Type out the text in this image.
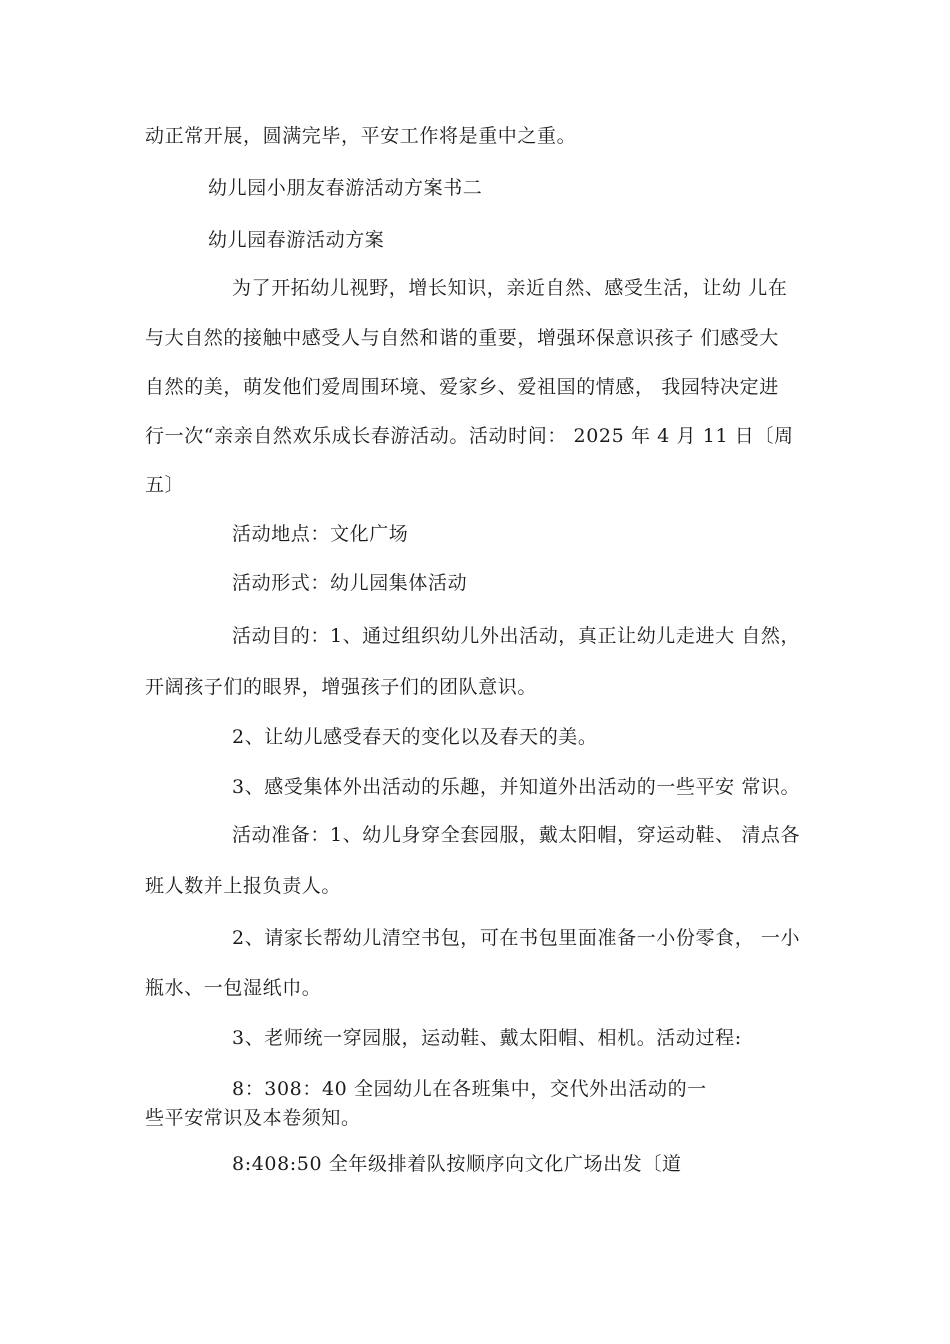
动正常开展，圆满完毕，平安工作将是重中之重。
幼儿园小朋友春游活动方案书二
幼儿园春游活动方案
为了开拓幼儿视野，增长知识，亲近自然、感受生活，让幼 儿在
与大自然的接触中感受人与自然和谐的重要，增强环保意识孩子 们感受大
自然的美，萌发他们爱周围环境、爱家乡、爱祖国的情感， 我园特决定进
行一次“亲亲自然欢乐成长春游活动。活动时间： 2025 年 4 月 11 日〔周
五〕
活动地点：文化广场
活动形式：幼儿园集体活动
活动目的：1、通过组织幼儿外出活动，真正让幼儿走进大 自然，
开阔孩子们的眼界，增强孩子们的团队意识。
2、让幼儿感受春天的变化以及春天的美。
3、感受集体外出活动的乐趣，并知道外出活动的一些平安 常识。
活动准备：1、幼儿身穿全套园服，戴太阳帽，穿运动鞋、 清点各
班人数并上报负责人。
2、请家长帮幼儿清空书包，可在书包里面准备一小份零食， 一小
瓶水、一包湿纸巾。
3、老师统一穿园服，运动鞋、戴太阳帽、相机。活动过程:
8：308：40 全园幼儿在各班集中，交代外出活动的一
些平安常识及本卷须知。
8:408:50 全年级排着队按顺序向文化广场出发〔道
